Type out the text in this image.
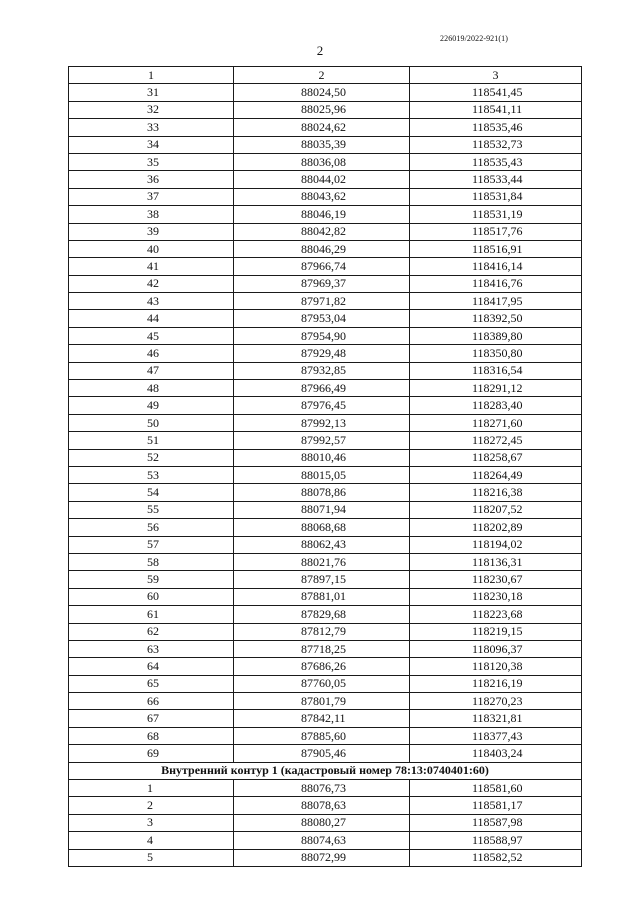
226019/2022-921(1)
2
1	2	3
31	88024,50	118541,45
32	88025,96	118541,11
33	88024,62	118535,46
34	88035,39	118532,73
35	88036,08	118535,43
36	88044,02	118533,44
37	88043,62	118531,84
38	88046,19	118531,19
39	88042,82	118517,76
40	88046,29	118516,91
41	87966,74	118416,14
42	87969,37	118416,76
43	87971,82	118417,95
44	87953,04	118392,50
45	87954,90	118389,80
46	87929,48	118350,80
47	87932,85	118316,54
48	87966,49	118291,12
49	87976,45	118283,40
50	87992,13	118271,60
51	87992,57	118272,45
52	88010,46	118258,67
53	88015,05	118264,49
54	88078,86	118216,38
55	88071,94	118207,52
56	88068,68	118202,89
57	88062,43	118194,02
58	88021,76	118136,31
59	87897,15	118230,67
60	87881,01	118230,18
61	87829,68	118223,68
62	87812,79	118219,15
63	87718,25	118096,37
64	87686,26	118120,38
65	87760,05	118216,19
66	87801,79	118270,23
67	87842,11	118321,81
68	87885,60	118377,43
69	87905,46	118403,24
Внутренний контур 1 (кадастровый номер 78:13:0740401:60)		
1	88076,73	118581,60
2	88078,63	118581,17
3	88080,27	118587,98
4	88074,63	118588,97
5	88072,99	118582,52
